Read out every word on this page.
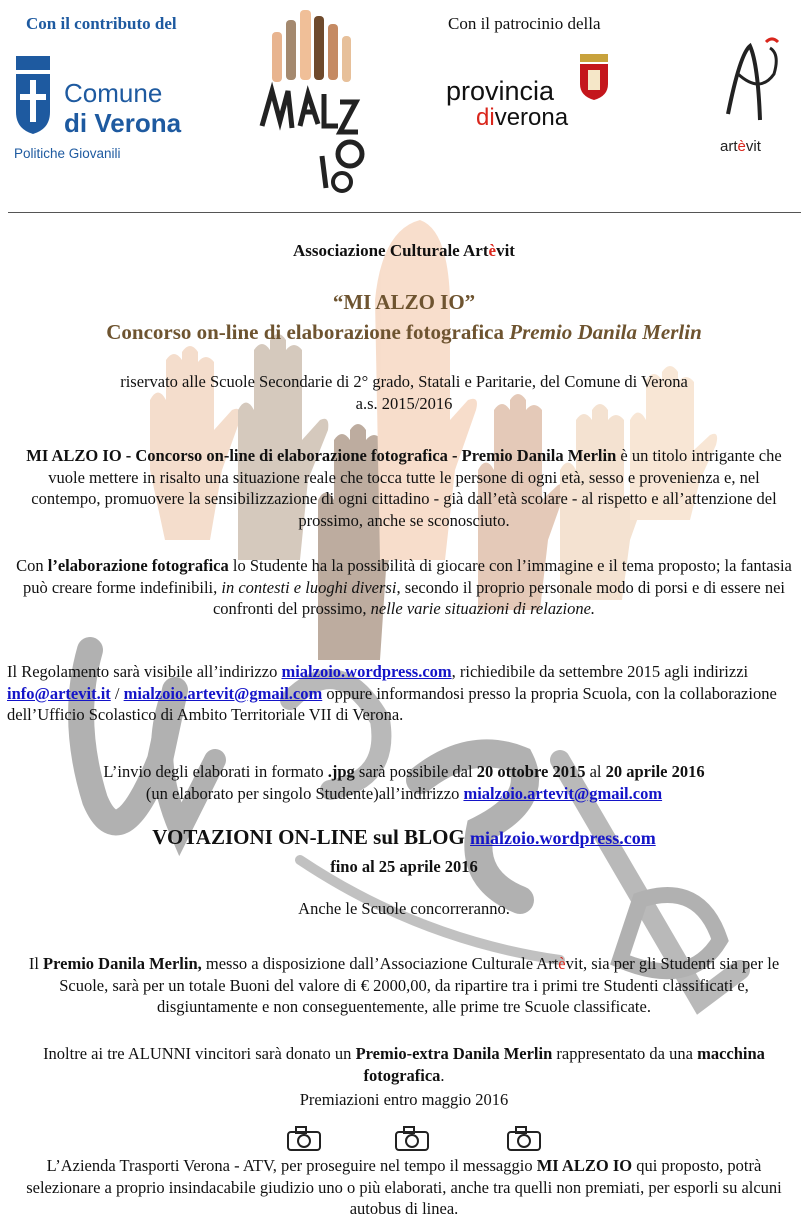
Con il contributo del
Comune
di Verona
Politiche Giovanili
Con il patrocinio della
provincia
diverona
artèvit
Associazione Culturale Artèvit
“MI ALZO IO”
Concorso on-line di elaborazione fotografica Premio Danila Merlin
riservato alle Scuole Secondarie di 2° grado, Statali e Paritarie, del Comune di Verona
a.s. 2015/2016
MI ALZO IO - Concorso on-line di elaborazione fotografica - Premio Danila Merlin è un titolo intrigante che vuole mettere in risalto una situazione reale che tocca tutte le persone di ogni età, sesso e provenienza e, nel contempo, promuovere la sensibilizzazione di ogni cittadino - già dall’età scolare - al rispetto e all’attenzione del prossimo, anche se sconosciuto.
Con l’elaborazione fotografica lo Studente ha la possibilità di giocare con l’immagine e il tema proposto; la fantasia può creare forme indefinibili, in contesti e luoghi diversi, secondo il proprio personale modo di porsi e di essere nei confronti del prossimo, nelle varie situazioni di relazione.
Il Regolamento sarà visibile all’indirizzo mialzoio.wordpress.com, richiedibile da settembre 2015 agli indirizzi info@artevit.it / mialzoio.artevit@gmail.com oppure informandosi presso la propria Scuola, con la collaborazione dell’Ufficio Scolastico di Ambito Territoriale VII di Verona.
L’invio degli elaborati in formato .jpg sarà possibile dal 20 ottobre 2015 al 20 aprile 2016
(un elaborato per singolo Studente)all’indirizzo mialzoio.artevit@gmail.com
VOTAZIONI ON-LINE sul BLOG mialzoio.wordpress.com
fino al 25 aprile 2016
Anche le Scuole concorreranno.
Il Premio Danila Merlin, messo a disposizione dall’Associazione Culturale Artèvit, sia per gli Studenti sia per le Scuole, sarà per un totale Buoni del valore di € 2000,00, da ripartire tra i primi tre Studenti classificati e, disgiuntamente e non conseguentemente, alle prime tre Scuole classificate.
Inoltre ai tre ALUNNI vincitori sarà donato un Premio-extra Danila Merlin rappresentato da una macchina fotografica.
Premiazioni entro maggio 2016
L’Azienda Trasporti Verona - ATV, per proseguire nel tempo il messaggio MI ALZO IO qui proposto, potrà selezionare a proprio insindacabile giudizio uno o più elaborati, anche tra quelli non premiati, per esporli su alcuni autobus di linea.
